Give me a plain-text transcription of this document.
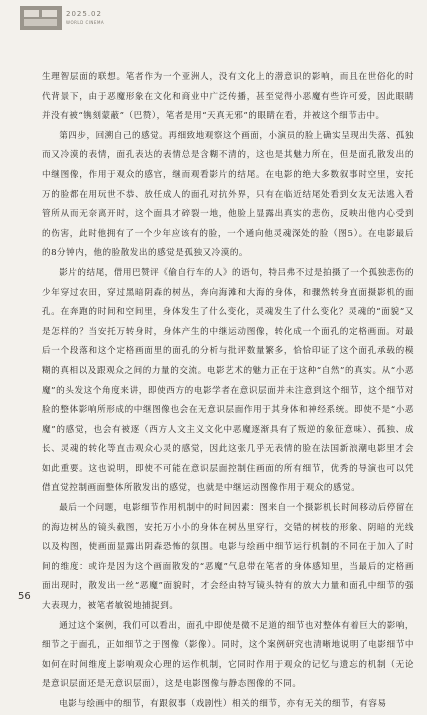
2025.02
WORLD CINEMA

生理智层面的联想。笔者作为一个亚洲人，没有文化上的潜意识的影响，而且在世俗化的时代背景下，由于恶魔形象在文化和商业中广泛传播，甚至觉得小恶魔有些许可爱，因此眼睛并没有被“镌刻蒙蔽”（巴赞），笔者是用“天真无邪”的眼睛在看，并被这个细节击中。

第四步，回溯自己的感觉。再细致地观察这个画面，小演员的脸上确实呈现出失落、孤独而又冷漠的表情，面孔表达的表情总是含糊不清的，这也是其魅力所在，但是面孔散发出的中继图像，作用于观众的感官，继而观看影片的结尾。在电影的绝大多数叙事时空里，安托万的脸都在用玩世不恭、放任成人的面孔对抗外界，只有在临近结尾处看到女友无法逃入看管所从而无奈离开时，这个面具才碎裂一地，他脸上显露出真实的悲伤，反映出他内心受到的伤害，此时他拥有了一个少年应该有的脸，一个通向他灵魂深处的脸（图5）。在电影最后的8分钟内，他的脸散发出的感觉是孤独又冷漠的。

影片的结尾，借用巴赞评《偷自行车的人》的语句，特吕弗不过是拍摄了一个孤独悲伤的少年穿过农田，穿过黑暗阴森的树丛，奔向海滩和大海的身体，和骤然转身直面摄影机的面孔。在奔跑的时间和空间里，身体发生了什么变化，灵魂发生了什么变化？灵魂的“面貌”又是怎样的？当安托万转身时，身体产生的中继运动图像，转化成一个面孔的定格画面。对最后一个段落和这个定格画面里的面孔的分析与批评数量繁多，恰恰印证了这个面孔承载的模糊的真相以及跟观众之间的力量的交流。电影艺术的魅力正在于这种“自然”的真实。从“小恶魔”的头发这个角度来讲，即使西方的电影学者在意识层面并未注意到这个细节，这个细节对脸的整体影响所形成的中继图像也会在无意识层面作用于其身体和神经系统。即使不是“小恶魔”的感觉，也会有被逐（西方人文主义文化中恶魔逐渐具有了叛逆的象征意味）、孤独、成长、灵魂的转化等直击观众心灵的感觉，因此这张几乎无表情的脸在法国新浪潮电影里才会如此重要。这也说明，即使不可能在意识层面控制住画面的所有细节，优秀的导演也可以凭借直觉控制画面整体所散发出的感觉，也就是中继运动图像作用于观众的感觉。

最后一个问题，电影细节作用机制中的时间因素：图来自一个摄影机长时间移动后停留在的海边树丛的镜头截图，安托万小小的身体在树丛里穿行，交错的树枝的形象、阴暗的光线以及构图，使画面显露出阴森恐怖的氛围。电影与绘画中细节运行机制的不同在于加入了时间的维度：或许是因为这个画面散发的“恶魔”气息带在笔者的身体感知里，当最后的定格画面出现时，散发出一丝“恶魔”面貌时，才会经由特写镜头特有的放大力量和面孔中细节的强大表现力，被笔者敏锐地捕捉到。

通过这个案例，我们可以看出，面孔中即使是微不足道的细节也对整体有着巨大的影响，细节之于面孔，正如细节之于图像（影像）。同时，这个案例研究也清晰地说明了电影细节中如何在时间维度上影响观众心理的运作机制，它同时作用于观众的记忆与遗忘的机制（无论是意识层面还是无意识层面），这是电影图像与静态图像的不同。

电影与绘画中的细节，有跟叙事（戏剧性）相关的细节，亦有无关的细节，有容易

56
